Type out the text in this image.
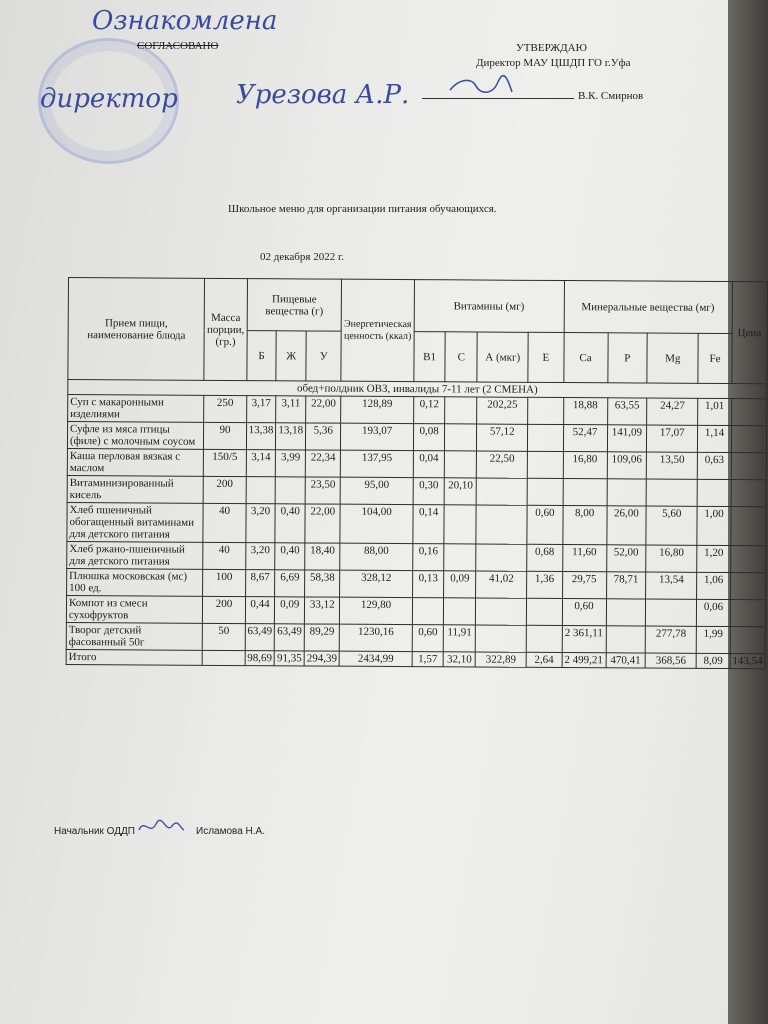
Ознакомлена
СОГЛАСОВАНО
директор Урезова А.Р.
УТВЕРЖДАЮ
Директор МАУ ЦШДП ГО г.Уфа
В.К. Смирнов
Школьное меню для организации питания обучающихся.
02 декабря 2022 г.
Прием пищи, наименование блюда	Масса порции, (гр.)	Пищевые вещества (г)			Энергетическая ценность (ккал)	Витамины (мг)				Минеральные вещества (мг)				Цена
		Б	Ж	У		В1	С	А (мкг)	Е	Са	Р	Mg	Fe	
обед+полдник ОВЗ, инвалиды 7-11 лет (2 СМЕНА)														
Суп с макаронными изделиями	250	3,17	3,11	22,00	128,89	0,12		202,25		18,88	63,55	24,27	1,01	
Суфле из мяса птицы (филе) с молочным соусом	90	13,38	13,18	5,36	193,07	0,08		57,12		52,47	141,09	17,07	1,14	
Каша перловая вязкая с маслом	150/5	3,14	3,99	22,34	137,95	0,04		22,50		16,80	109,06	13,50	0,63	
Витаминизированный кисель	200			23,50	95,00	0,30	20,10							
Хлеб пшеничный обогащенный витаминами для детского питания	40	3,20	0,40	22,00	104,00	0,14			0,60	8,00	26,00	5,60	1,00	
Хлеб ржано-пшеничный для детского питания	40	3,20	0,40	18,40	88,00	0,16			0,68	11,60	52,00	16,80	1,20	
Плюшка московская (мс) 100 ед.	100	8,67	6,69	58,38	328,12	0,13	0,09	41,02	1,36	29,75	78,71	13,54	1,06	
Компот из смеси сухофруктов	200	0,44	0,09	33,12	129,80					0,60			0,06	
Творог детский фасованный 50г	50	63,49	63,49	89,29	1230,16	0,60	11,91			2 361,11		277,78	1,99	
Итого		98,69	91,35	294,39	2434,99	1,57	32,10	322,89	2,64	2 499,21	470,41	368,56	8,09	143,54
Начальник ОДДП	Исламова Н.А.
